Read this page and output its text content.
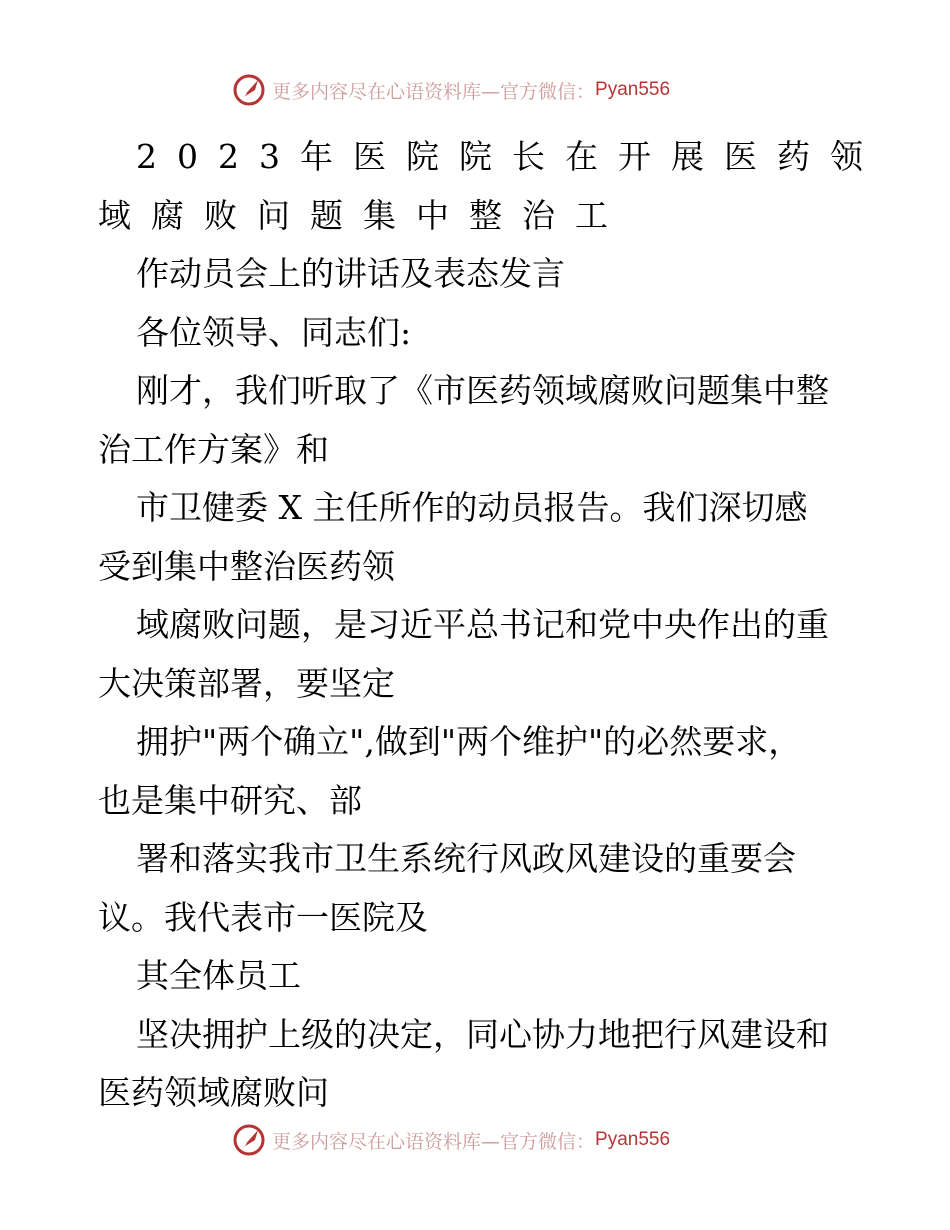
更多内容尽在心语资料库—官方微信： Pyan556
2023年医院院长在开展医药领
域腐败问题集中整治工
作动员会上的讲话及表态发言
各位领导、同志们:
刚才，我们听取了《市医药领域腐败问题集中整
治工作方案》和
市卫健委 X 主任所作的动员报告。我们深切感
受到集中整治医药领
域腐败问题，是习近平总书记和党中央作出的重
大决策部署，要坚定
拥护"两个确立",做到"两个维护"的必然要求，
也是集中研究、部
署和落实我市卫生系统行风政风建设的重要会
议。我代表市一医院及
其全体员工
坚决拥护上级的决定，同心协力地把行风建设和
医药领域腐败问
更多内容尽在心语资料库—官方微信： Pyan556
